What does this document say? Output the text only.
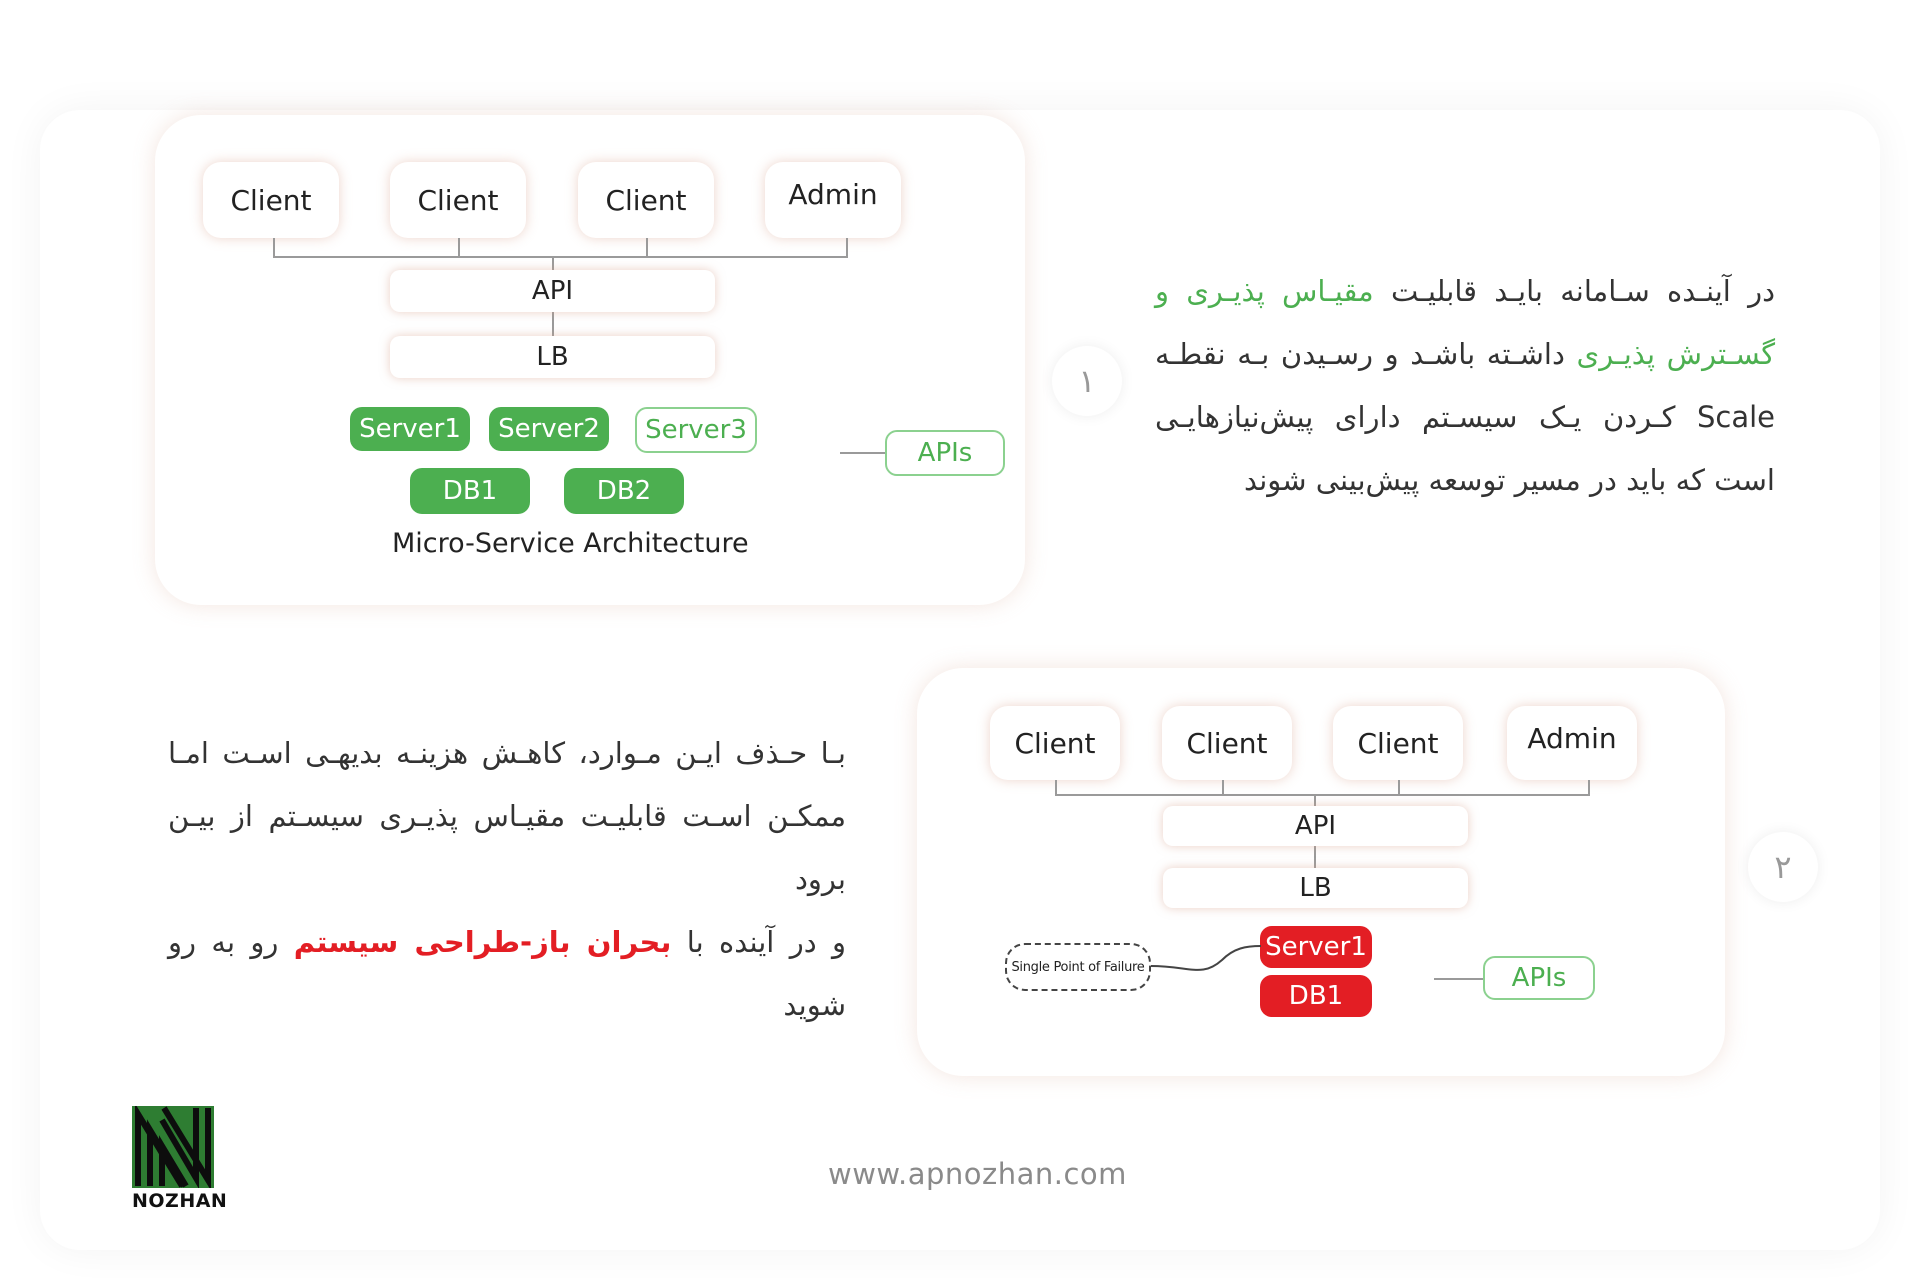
Client	Client	Client	Admin
API
LB
Server1	Server2	Server3
DB1	DB2
APIs
Micro-Service Architecture
۱
در آینـده سـامانه بایـد قابلیـت مقیـاس پذیـری و گسـترش پذیـری داشـته باشـد و رسـیدن بـه نقطـه Scale کـردن یـک سیسـتم دارای پیش‌نیازهایـی است که باید در مسیر توسعه پیش‌بینی شوند
Client	Client	Client	Admin
API
LB
Server1
DB1
Single Point of Failure	APIs
۲
بـا حـذف ایـن مـوارد، کاهـش هزینـه بدیهـی اسـت امـا ممکـن اسـت قابلیـت مقیـاس پذیـری سیسـتم از بیـن برود
و در آینده با بحران باز-طراحی سیستم رو به رو شوید
www.apnozhan.com
NOZHAN
